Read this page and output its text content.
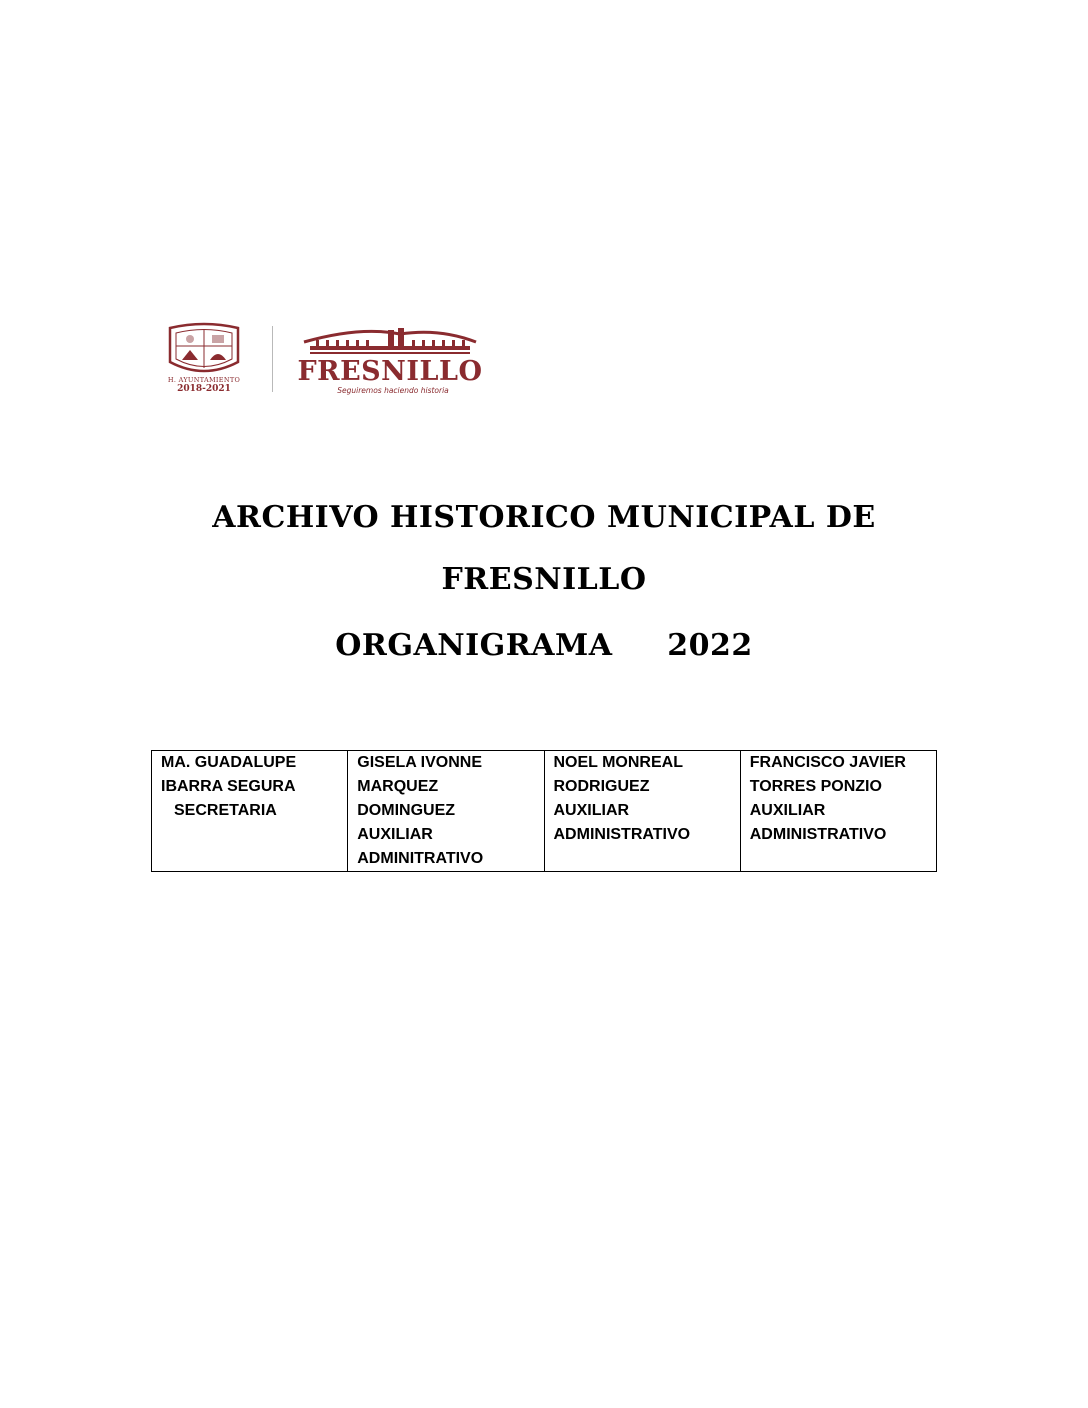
H. AYUNTAMIENTO
2018-2021
FRESNILLO
Seguiremos haciendo historia
ARCHIVO HISTORICO MUNICIPAL DE
FRESNILLO
ORGANIGRAMA     2022
MA. GUADALUPE
IBARRA SEGURA
SECRETARIA

GISELA IVONNE
MARQUEZ
DOMINGUEZ
AUXILIAR
ADMINITRATIVO

NOEL MONREAL
RODRIGUEZ
AUXILIAR
ADMINISTRATIVO

FRANCISCO JAVIER
TORRES PONZIO
AUXILIAR
ADMINISTRATIVO
